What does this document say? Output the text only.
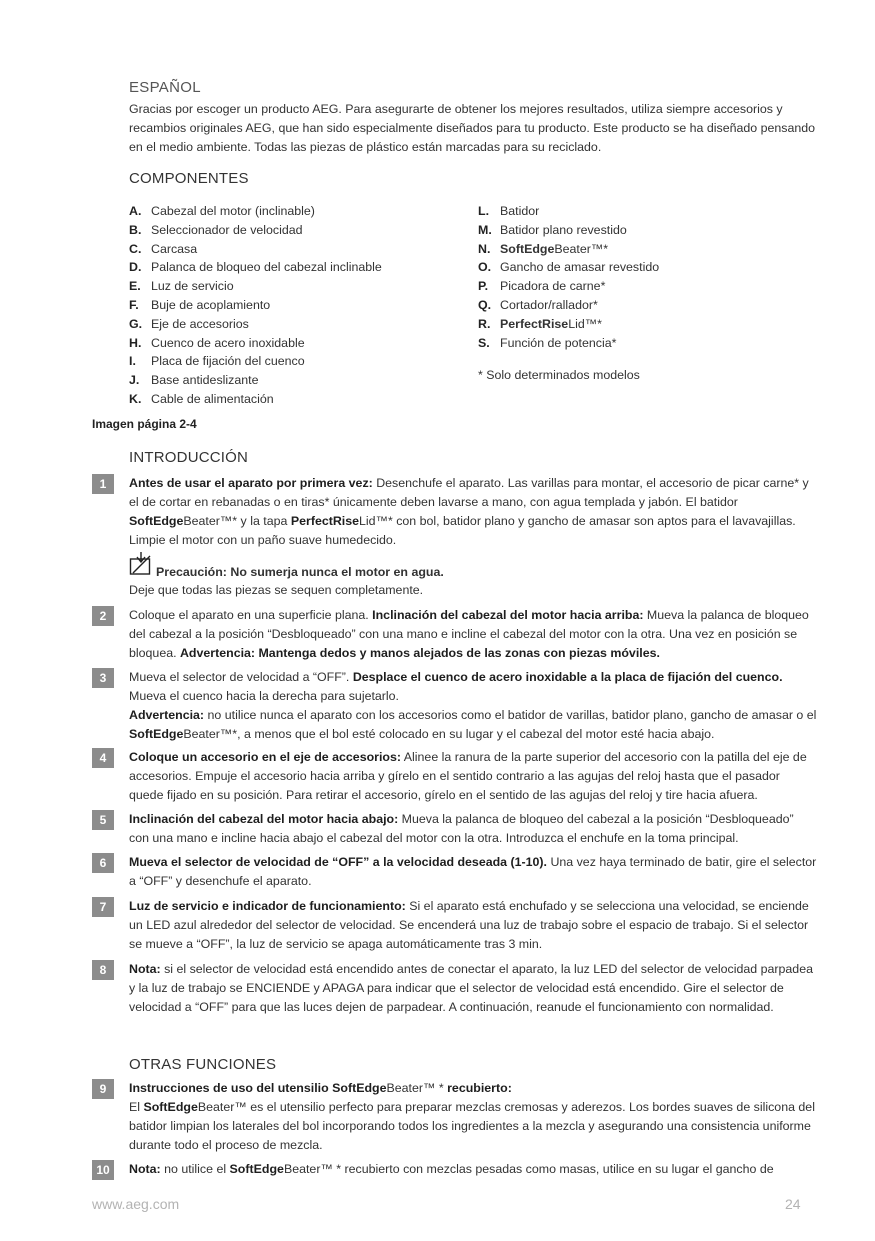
ESPAÑOL
Gracias por escoger un producto AEG. Para asegurarte de obtener los mejores resultados, utiliza siempre accesorios y recambios originales AEG, que han sido especialmente diseñados para tu producto. Este producto se ha diseñado pensando en el medio ambiente. Todas las piezas de plástico están marcadas para su reciclado.
COMPONENTES
A. Cabezal del motor (inclinable)
B. Seleccionador de velocidad
C. Carcasa
D. Palanca de bloqueo del cabezal inclinable
E. Luz de servicio
F. Buje de acoplamiento
G. Eje de accesorios
H. Cuenco de acero inoxidable
I. Placa de fijación del cuenco
J. Base antideslizante
K. Cable de alimentación
L. Batidor
M. Batidor plano revestido
N. SoftEdgeBeater™*
O. Gancho de amasar revestido
P. Picadora de carne*
Q. Cortador/rallador*
R. PerfectRiseLid™*
S. Función de potencia*
* Solo determinados modelos
Imagen página 2-4
INTRODUCCIÓN
1	Antes de usar el aparato por primera vez: Desenchufe el aparato. Las varillas para montar, el accesorio de picar carne* y el de cortar en rebanadas o en tiras* únicamente deben lavarse a mano, con agua templada y jabón. El batidor SoftEdgeBeater™* y la tapa PerfectRiseLid™* con bol, batidor plano y gancho de amasar son aptos para el lavavajillas. Limpie el motor con un paño suave humedecido.
Precaución: No sumerja nunca el motor en agua.
Deje que todas las piezas se sequen completamente.
2	Coloque el aparato en una superficie plana. Inclinación del cabezal del motor hacia arriba: Mueva la palanca de bloqueo del cabezal a la posición “Desbloqueado” con una mano e incline el cabezal del motor con la otra. Una vez en posición se bloquea. Advertencia: Mantenga dedos y manos alejados de las zonas con piezas móviles.
3	Mueva el selector de velocidad a “OFF”. Desplace el cuenco de acero inoxidable a la placa de fijación del cuenco. Mueva el cuenco hacia la derecha para sujetarlo.
Advertencia: no utilice nunca el aparato con los accesorios como el batidor de varillas, batidor plano, gancho de amasar o el SoftEdgeBeater™*, a menos que el bol esté colocado en su lugar y el cabezal del motor esté hacia abajo.
4	Coloque un accesorio en el eje de accesorios: Alinee la ranura de la parte superior del accesorio con la patilla del eje de accesorios. Empuje el accesorio hacia arriba y gírelo en el sentido contrario a las agujas del reloj hasta que el pasador quede fijado en su posición. Para retirar el accesorio, gírelo en el sentido de las agujas del reloj y tire hacia afuera.
5	Inclinación del cabezal del motor hacia abajo: Mueva la palanca de bloqueo del cabezal a la posición “Desbloqueado” con una mano e incline hacia abajo el cabezal del motor con la otra. Introduzca el enchufe en la toma principal.
6	Mueva el selector de velocidad de “OFF” a la velocidad deseada (1-10). Una vez haya terminado de batir, gire el selector a “OFF” y desenchufe el aparato.
7	Luz de servicio e indicador de funcionamiento: Si el aparato está enchufado y se selecciona una velocidad, se enciende un LED azul alrededor del selector de velocidad. Se encenderá una luz de trabajo sobre el espacio de trabajo. Si el selector se mueve a “OFF”, la luz de servicio se apaga automáticamente tras 3 min.
8	Nota: si el selector de velocidad está encendido antes de conectar el aparato, la luz LED del selector de velocidad parpadea y la luz de trabajo se ENCIENDE y APAGA para indicar que el selector de velocidad está encendido. Gire el selector de velocidad a “OFF” para que las luces dejen de parpadear. A continuación, reanude el funcionamiento con normalidad.
OTRAS FUNCIONES
9	Instrucciones de uso del utensilio SoftEdgeBeater™ * recubierto:
El SoftEdgeBeater™ es el utensilio perfecto para preparar mezclas cremosas y aderezos. Los bordes suaves de silicona del batidor limpian los laterales del bol incorporando todos los ingredientes a la mezcla y asegurando una consistencia uniforme durante todo el proceso de mezcla.
10	Nota: no utilice el SoftEdgeBeater™ * recubierto con mezclas pesadas como masas, utilice en su lugar el gancho de
www.aeg.com	24
